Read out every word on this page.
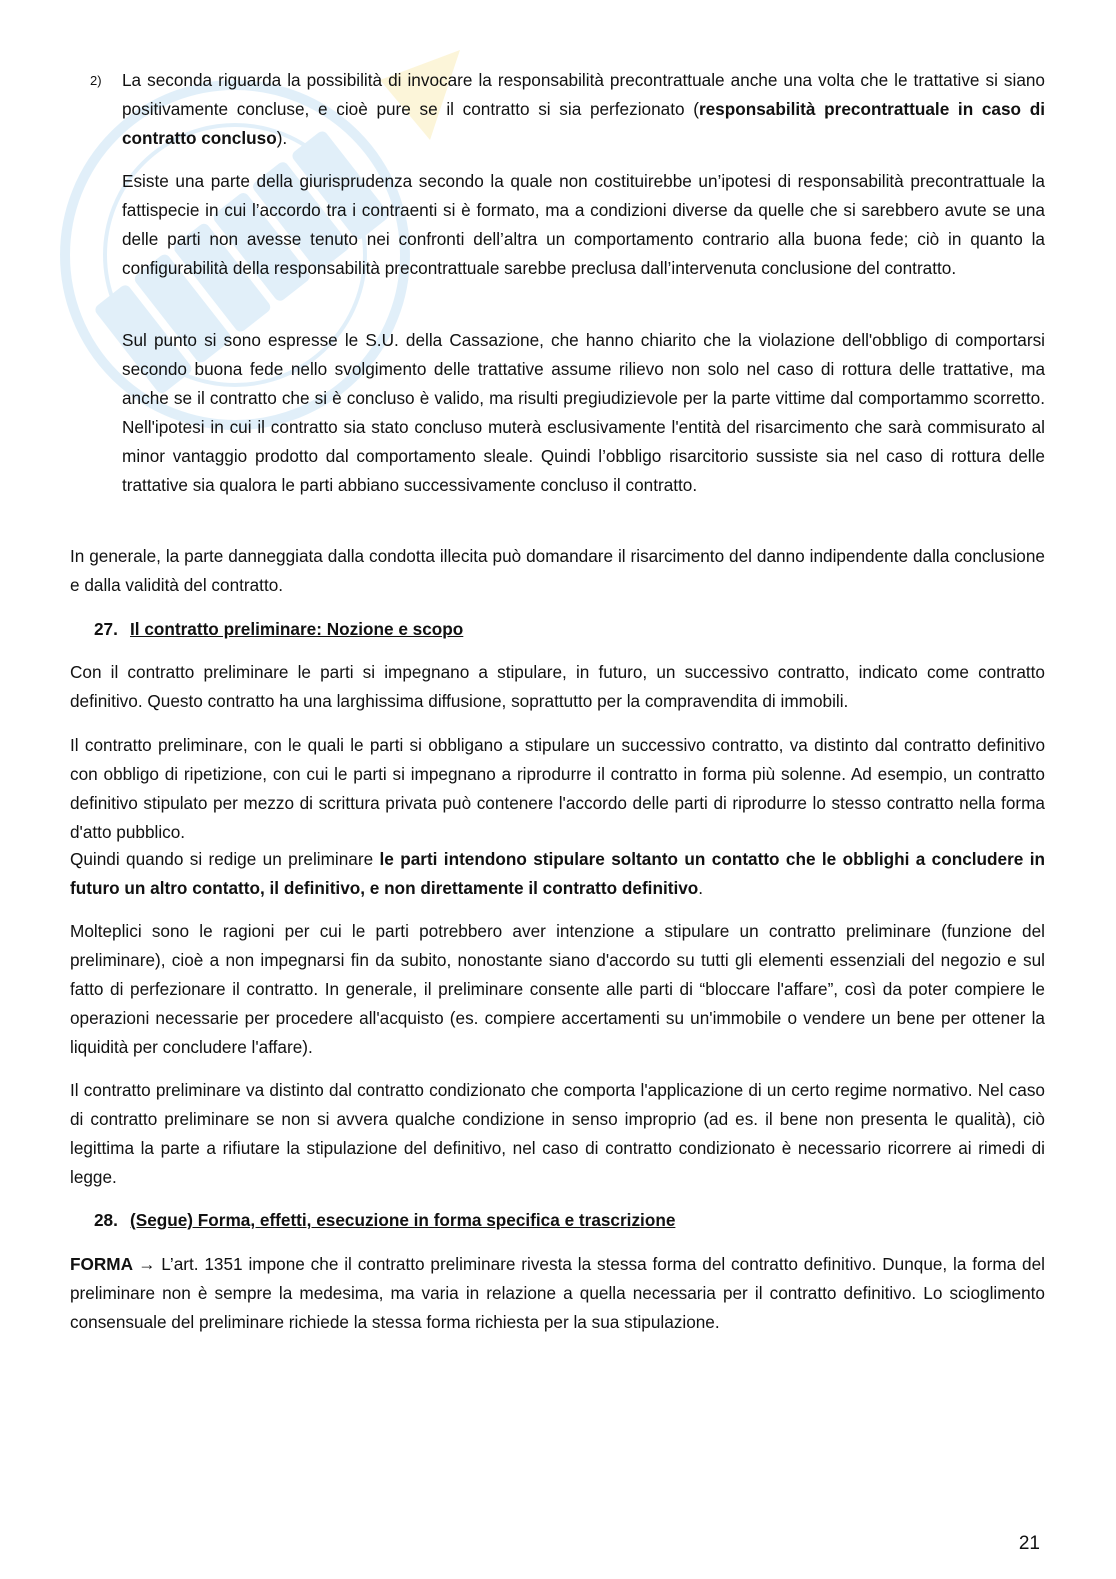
2) La seconda riguarda la possibilità di invocare la responsabilità precontrattuale anche una volta che le trattative si siano positivamente concluse, e cioè pure se il contratto si sia perfezionato (responsabilità precontrattuale in caso di contratto concluso).

Esiste una parte della giurisprudenza secondo la quale non costituirebbe un’ipotesi di responsabilità precontrattuale la fattispecie in cui l’accordo tra i contraenti si è formato, ma a condizioni diverse da quelle che si sarebbero avute se una delle parti non avesse tenuto nei confronti dell’altra un comportamento contrario alla buona fede; ciò in quanto la configurabilità della responsabilità precontrattuale sarebbe preclusa dall’intervenuta conclusione del contratto.

Sul punto si sono espresse le S.U. della Cassazione, che hanno chiarito che la violazione dell'obbligo di comportarsi secondo buona fede nello svolgimento delle trattative assume rilievo non solo nel caso di rottura delle trattative, ma anche se il contratto che si è concluso è valido, ma risulti pregiudizievole per la parte vittime dal comportammo scorretto. Nell'ipotesi in cui il contratto sia stato concluso muterà esclusivamente l'entità del risarcimento che sarà commisurato al minor vantaggio prodotto dal comportamento sleale. Quindi l’obbligo risarcitorio sussiste sia nel caso di rottura delle trattative sia qualora le parti abbiano successivamente concluso il contratto.

In generale, la parte danneggiata dalla condotta illecita può domandare il risarcimento del danno indipendente dalla conclusione e dalla validità del contratto.

27. Il contratto preliminare: Nozione e scopo

Con il contratto preliminare le parti si impegnano a stipulare, in futuro, un successivo contratto, indicato come contratto definitivo. Questo contratto ha una larghissima diffusione, soprattutto per la compravendita di immobili.

Il contratto preliminare, con le quali le parti si obbligano a stipulare un successivo contratto, va distinto dal contratto definitivo con obbligo di ripetizione, con cui le parti si impegnano a riprodurre il contratto in forma più solenne. Ad esempio, un contratto definitivo stipulato per mezzo di scrittura privata può contenere l'accordo delle parti di riprodurre lo stesso contratto nella forma d'atto pubblico.

Quindi quando si redige un preliminare le parti intendono stipulare soltanto un contatto che le obblighi a concludere in futuro un altro contatto, il definitivo, e non direttamente il contratto definitivo.

Molteplici sono le ragioni per cui le parti potrebbero aver intenzione a stipulare un contratto preliminare (funzione del preliminare), cioè a non impegnarsi fin da subito, nonostante siano d'accordo su tutti gli elementi essenziali del negozio e sul fatto di perfezionare il contratto. In generale, il preliminare consente alle parti di “bloccare l'affare”, così da poter compiere le operazioni necessarie per procedere all'acquisto (es. compiere accertamenti su un'immobile o vendere un bene per ottener la liquidità per concludere l'affare).

Il contratto preliminare va distinto dal contratto condizionato che comporta l'applicazione di un certo regime normativo. Nel caso di contratto preliminare se non si avvera qualche condizione in senso improprio (ad es. il bene non presenta le qualità), ciò legittima la parte a rifiutare la stipulazione del definitivo, nel caso di contratto condizionato è necessario ricorrere ai rimedi di legge.

28. (Segue) Forma, effetti, esecuzione in forma specifica e trascrizione

FORMA → L’art. 1351 impone che il contratto preliminare rivesta la stessa forma del contratto definitivo. Dunque, la forma del preliminare non è sempre la medesima, ma varia in relazione a quella necessaria per il contratto definitivo. Lo scioglimento consensuale del preliminare richiede la stessa forma richiesta per la sua stipulazione.

21
